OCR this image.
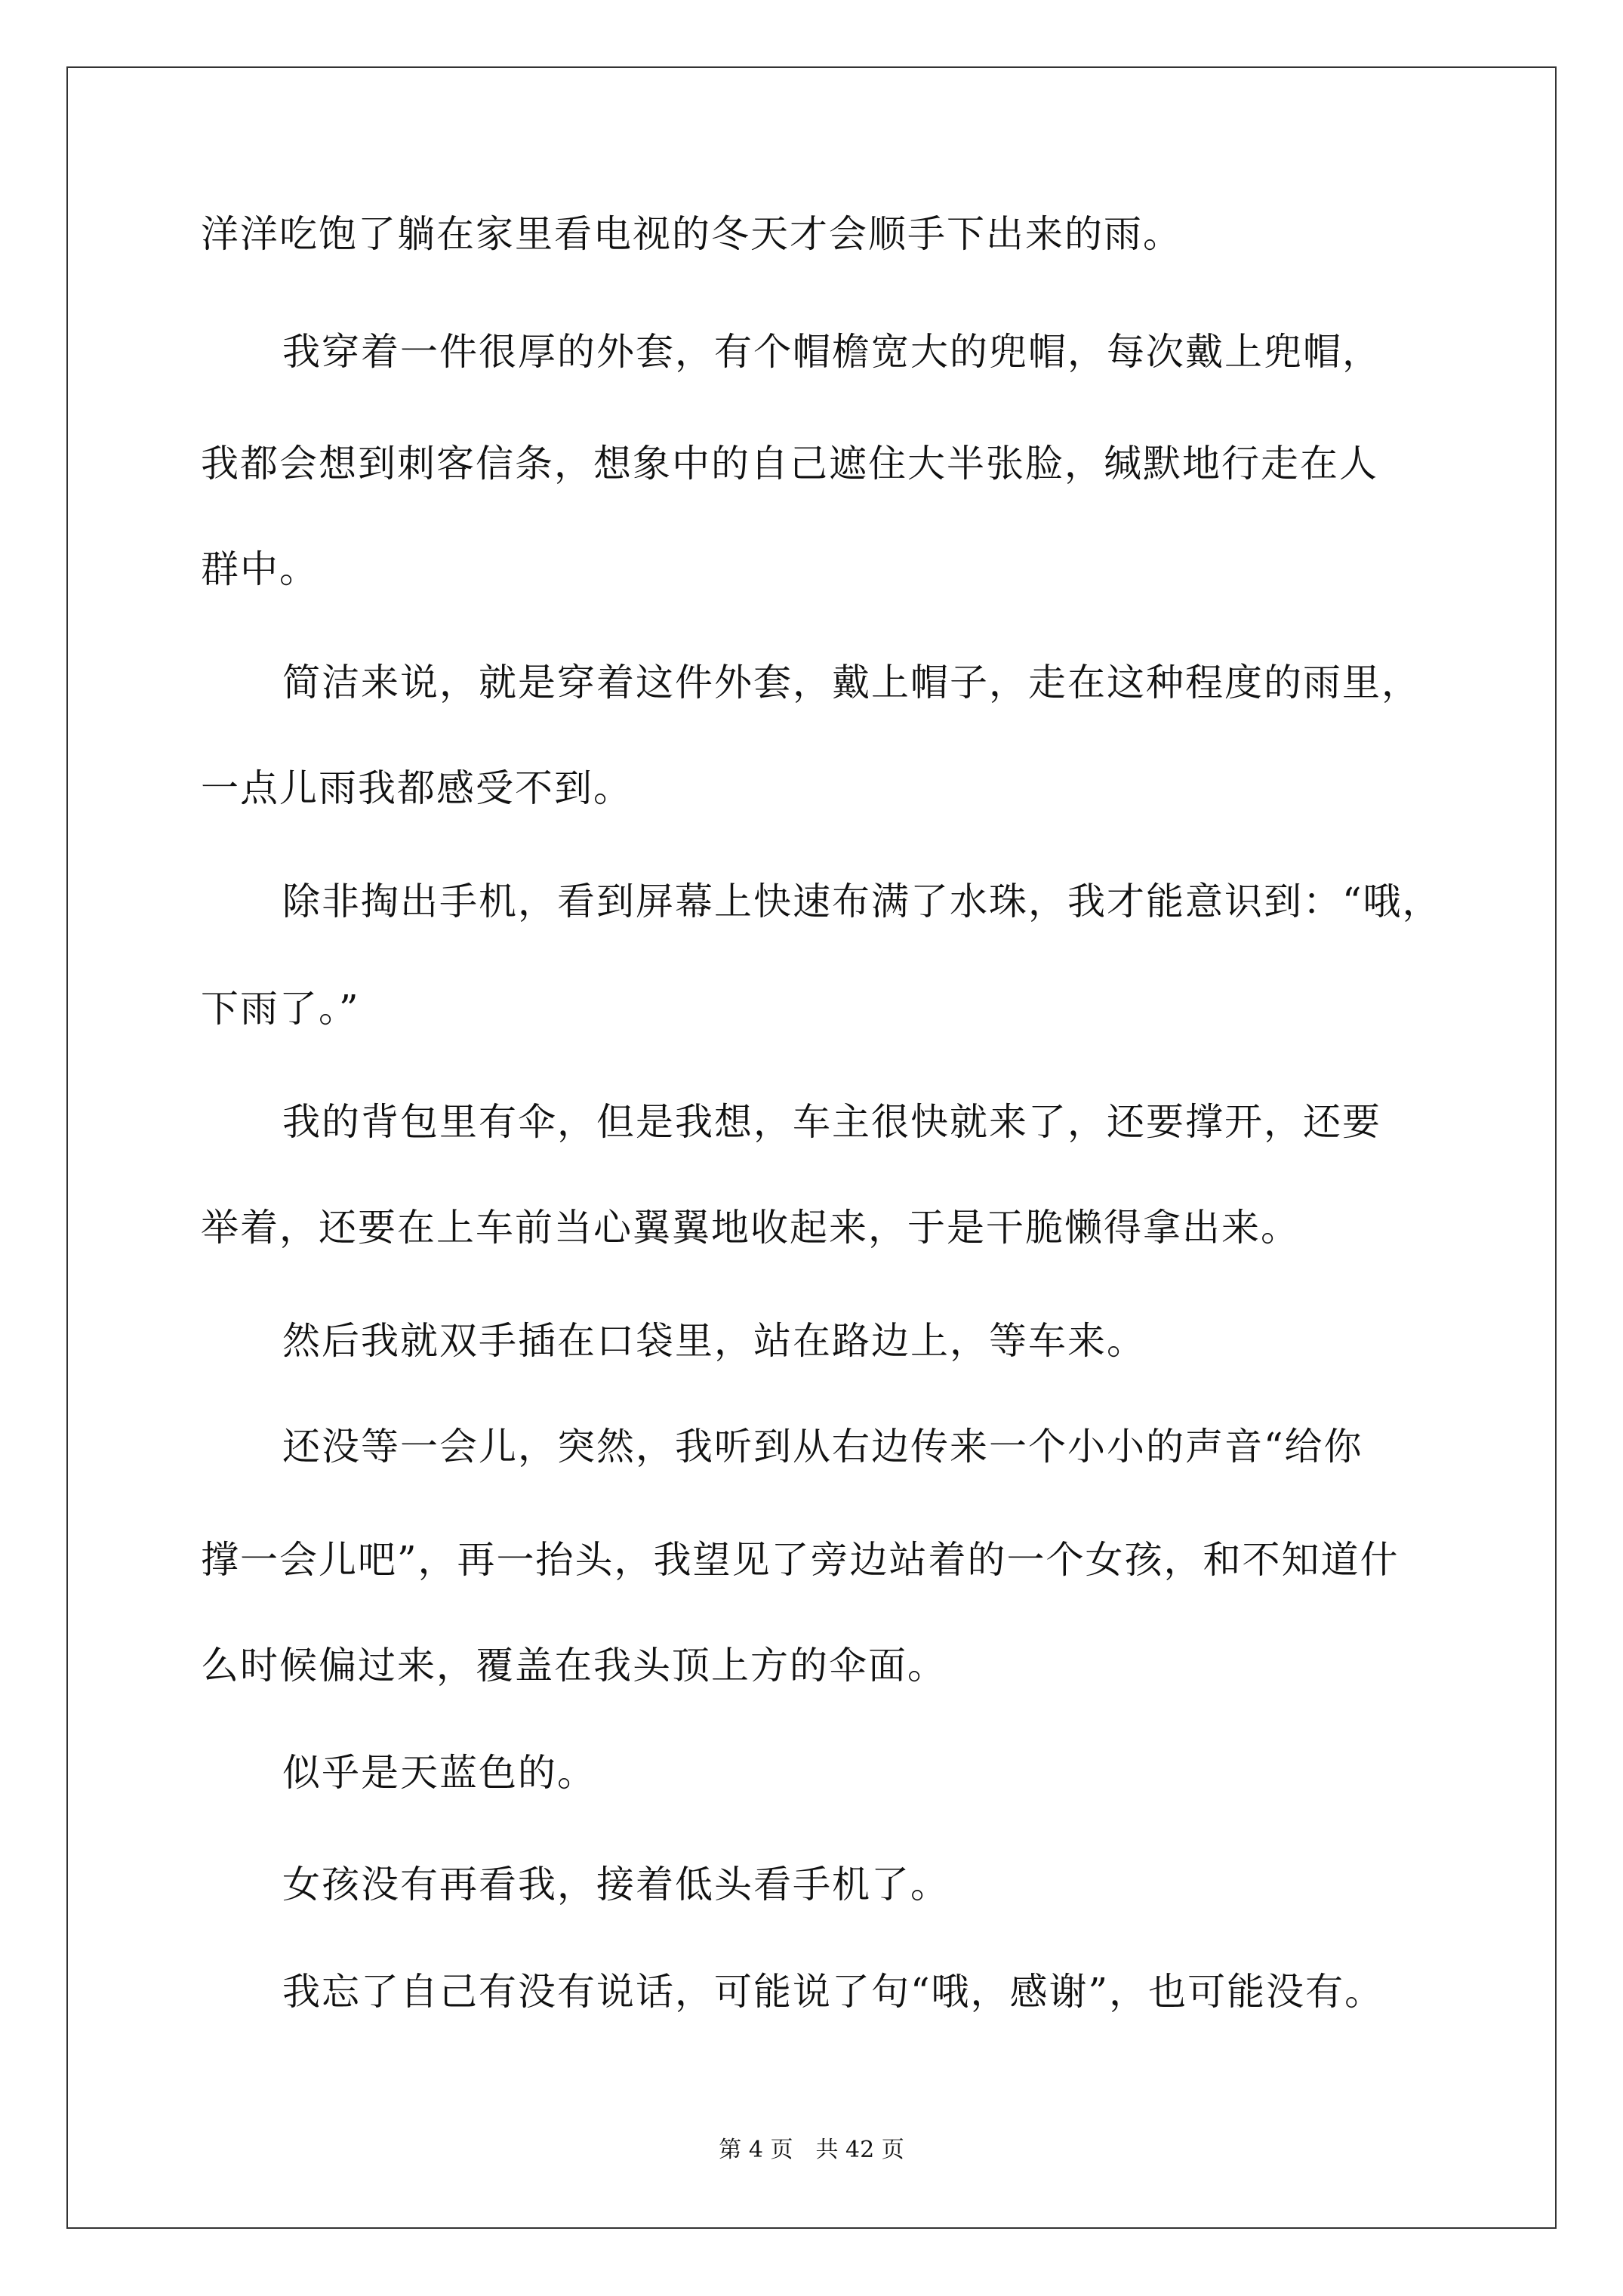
洋洋吃饱了躺在家里看电视的冬天才会顺手下出来的雨。
我穿着一件很厚的外套，有个帽檐宽大的兜帽，每次戴上兜帽，
我都会想到刺客信条，想象中的自己遮住大半张脸，缄默地行走在人
群中。
简洁来说，就是穿着这件外套，戴上帽子，走在这种程度的雨里，
一点儿雨我都感受不到。
除非掏出手机，看到屏幕上快速布满了水珠，我才能意识到：“哦，
下雨了。”
我的背包里有伞，但是我想，车主很快就来了，还要撑开，还要
举着，还要在上车前当心翼翼地收起来，于是干脆懒得拿出来。
然后我就双手插在口袋里，站在路边上，等车来。
还没等一会儿，突然，我听到从右边传来一个小小的声音“给你
撑一会儿吧”，再一抬头，我望见了旁边站着的一个女孩，和不知道什
么时候偏过来，覆盖在我头顶上方的伞面。
似乎是天蓝色的。
女孩没有再看我，接着低头看手机了。
我忘了自己有没有说话，可能说了句“哦，感谢”，也可能没有。
第 4 页　共 42 页
